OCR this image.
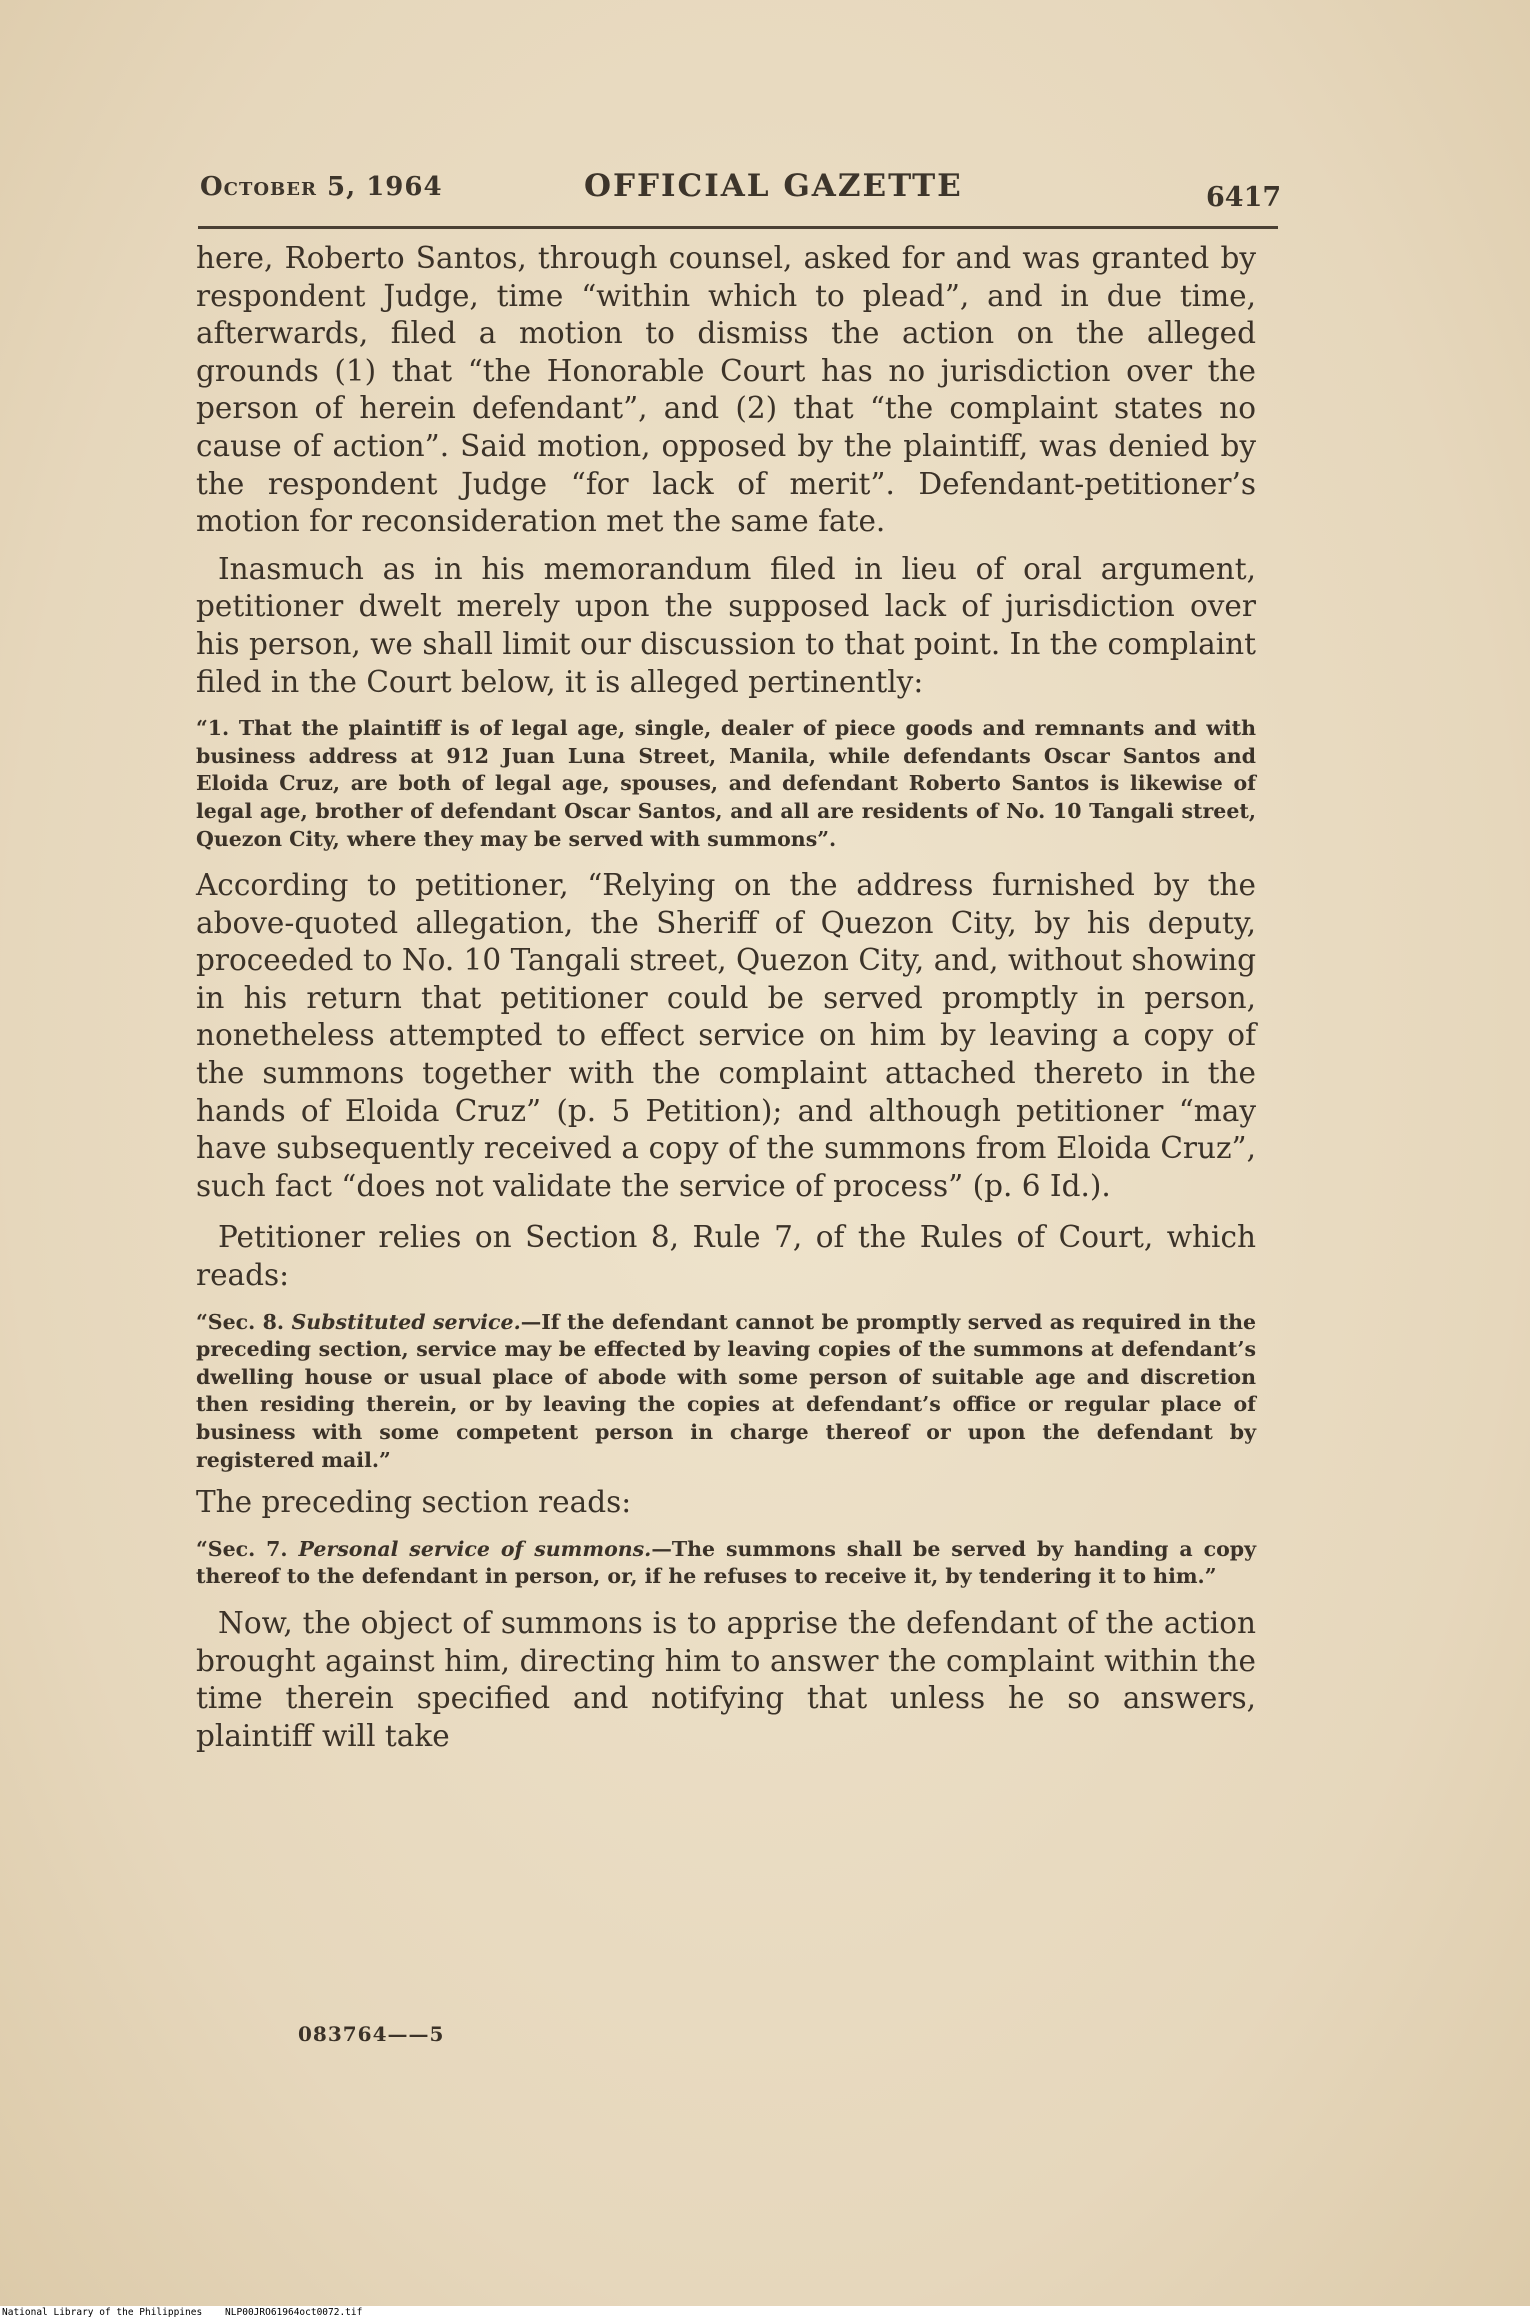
October 5, 1964	OFFICIAL GAZETTE	6417

here, Roberto Santos, through counsel, asked for and was granted by respondent Judge, time “within which to plead”, and in due time, afterwards, filed a motion to dismiss the action on the alleged grounds (1) that “the Honorable Court has no jurisdiction over the person of herein defendant”, and (2) that “the complaint states no cause of action”. Said motion, opposed by the plaintiff, was denied by the respondent Judge “for lack of merit”. Defendant-petitioner’s motion for reconsideration met the same fate.

Inasmuch as in his memorandum filed in lieu of oral argument, petitioner dwelt merely upon the supposed lack of jurisdiction over his person, we shall limit our discussion to that point. In the complaint filed in the Court below, it is alleged pertinently:

“1. That the plaintiff is of legal age, single, dealer of piece goods and remnants and with business address at 912 Juan Luna Street, Manila, while defendants Oscar Santos and Eloida Cruz, are both of legal age, spouses, and defendant Roberto Santos is likewise of legal age, brother of defendant Oscar Santos, and all are residents of No. 10 Tangali street, Quezon City, where they may be served with summons”.

According to petitioner, “Relying on the address furnished by the above-quoted allegation, the Sheriff of Quezon City, by his deputy, proceeded to No. 10 Tangali street, Quezon City, and, without showing in his return that petitioner could be served promptly in person, nonetheless attempted to effect service on him by leaving a copy of the summons together with the complaint attached thereto in the hands of Eloida Cruz” (p. 5 Petition); and although petitioner “may have subsequently received a copy of the summons from Eloida Cruz”, such fact “does not validate the service of process” (p. 6 Id.).

Petitioner relies on Section 8, Rule 7, of the Rules of Court, which reads:

“Sec. 8. Substituted service.—If the defendant cannot be promptly served as required in the preceding section, service may be effected by leaving copies of the summons at defendant’s dwelling house or usual place of abode with some person of suitable age and discretion then residing therein, or by leaving the copies at defendant’s office or regular place of business with some competent person in charge thereof or upon the defendant by registered mail.”

The preceding section reads:

“Sec. 7. Personal service of summons.—The summons shall be served by handing a copy thereof to the defendant in person, or, if he refuses to receive it, by tendering it to him.”

Now, the object of summons is to apprise the defendant of the action brought against him, directing him to answer the complaint within the time therein specified and notifying that unless he so answers, plaintiff will take

083764——5
National Library of the Philippines    NLP00JRO61964oct0072.tif
